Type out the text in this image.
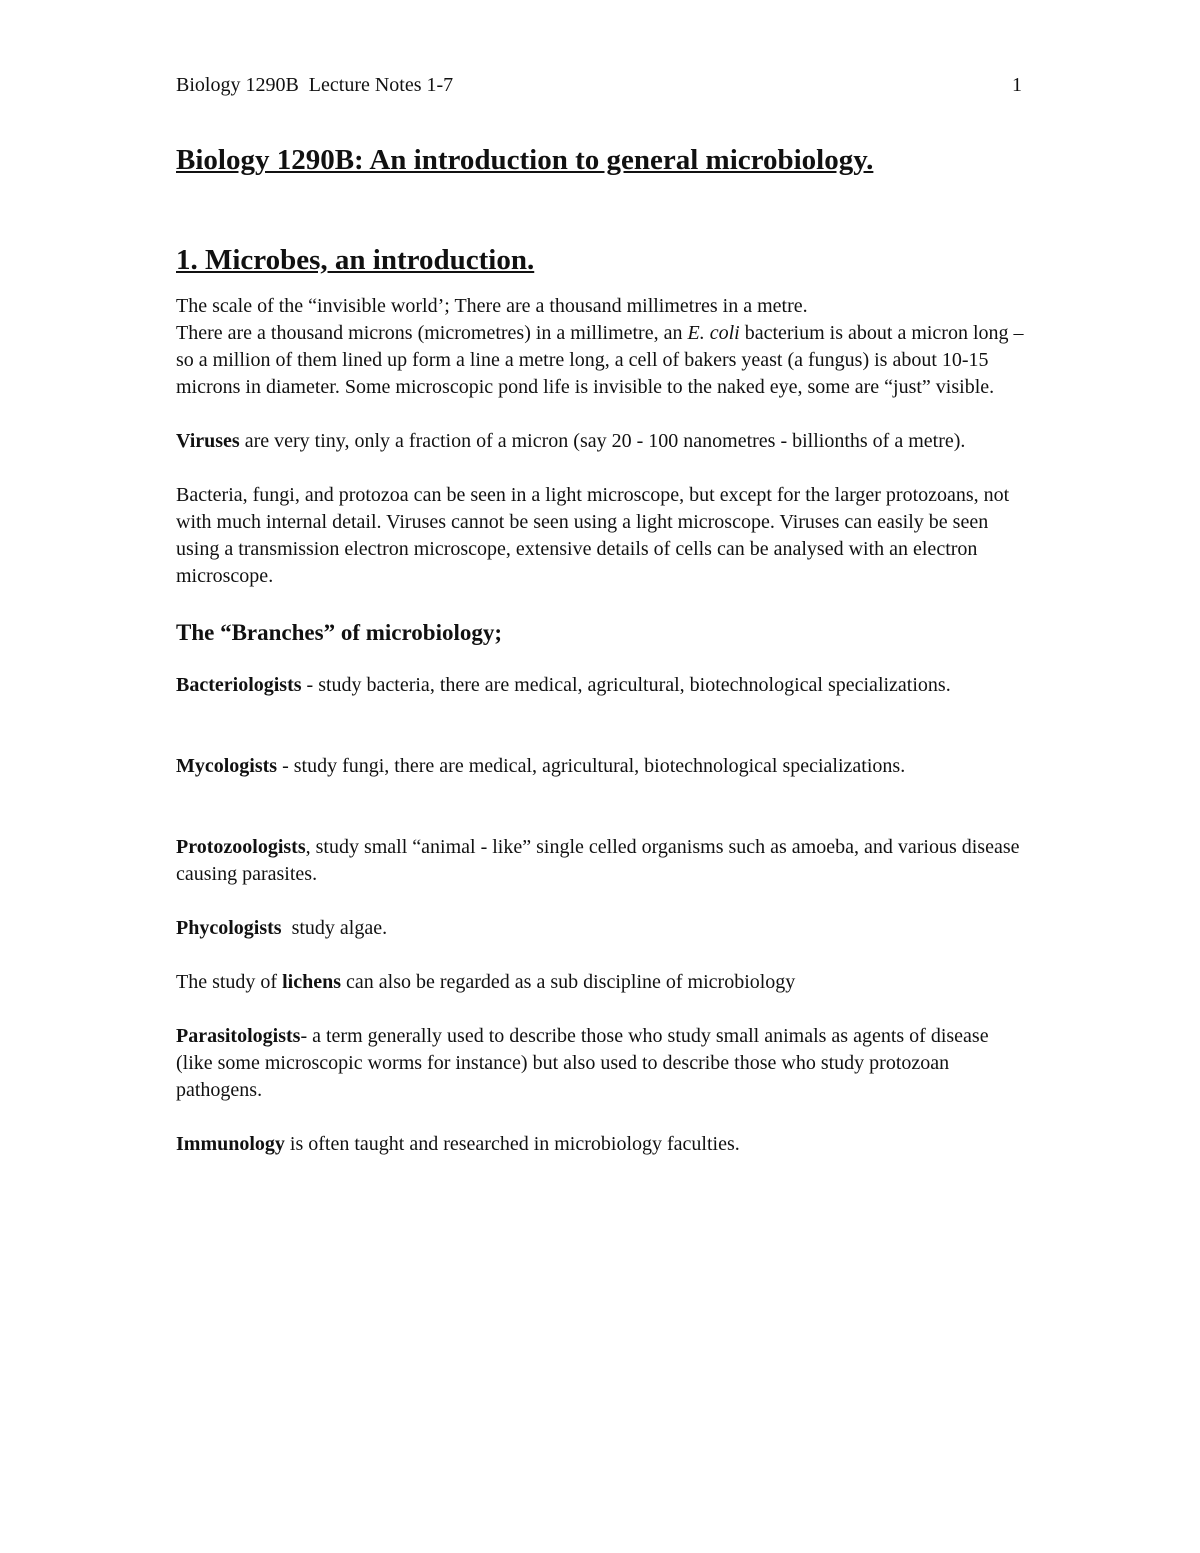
Biology 1290B  Lecture Notes 1-7	1
Biology 1290B: An introduction to general microbiology.
1. Microbes, an introduction.

The scale of the “invisible world’; There are a thousand millimetres in a metre.
There are a thousand microns (micrometres) in a millimetre, an E. coli bacterium is about a micron long – so a million of them lined up form a line a metre long, a cell of bakers yeast (a fungus) is about 10-15 microns in diameter. Some microscopic pond life is invisible to the naked eye, some are “just” visible.

Viruses are very tiny, only a fraction of a micron (say 20 - 100 nanometres - billionths of a metre).

Bacteria, fungi, and protozoa can be seen in a light microscope, but except for the larger protozoans, not with much internal detail. Viruses cannot be seen using a light microscope. Viruses can easily be seen using a transmission electron microscope, extensive details of cells can be analysed with an electron microscope.

The “Branches” of microbiology;

Bacteriologists - study bacteria, there are medical, agricultural, biotechnological specializations.

Mycologists - study fungi, there are medical, agricultural, biotechnological specializations.

Protozoologists, study small “animal - like” single celled organisms such as amoeba, and various disease causing parasites.

Phycologists  study algae.

The study of lichens can also be regarded as a sub discipline of microbiology

Parasitologists- a term generally used to describe those who study small animals as agents of disease (like some microscopic worms for instance) but also used to describe those who study protozoan pathogens.

Immunology is often taught and researched in microbiology faculties.
